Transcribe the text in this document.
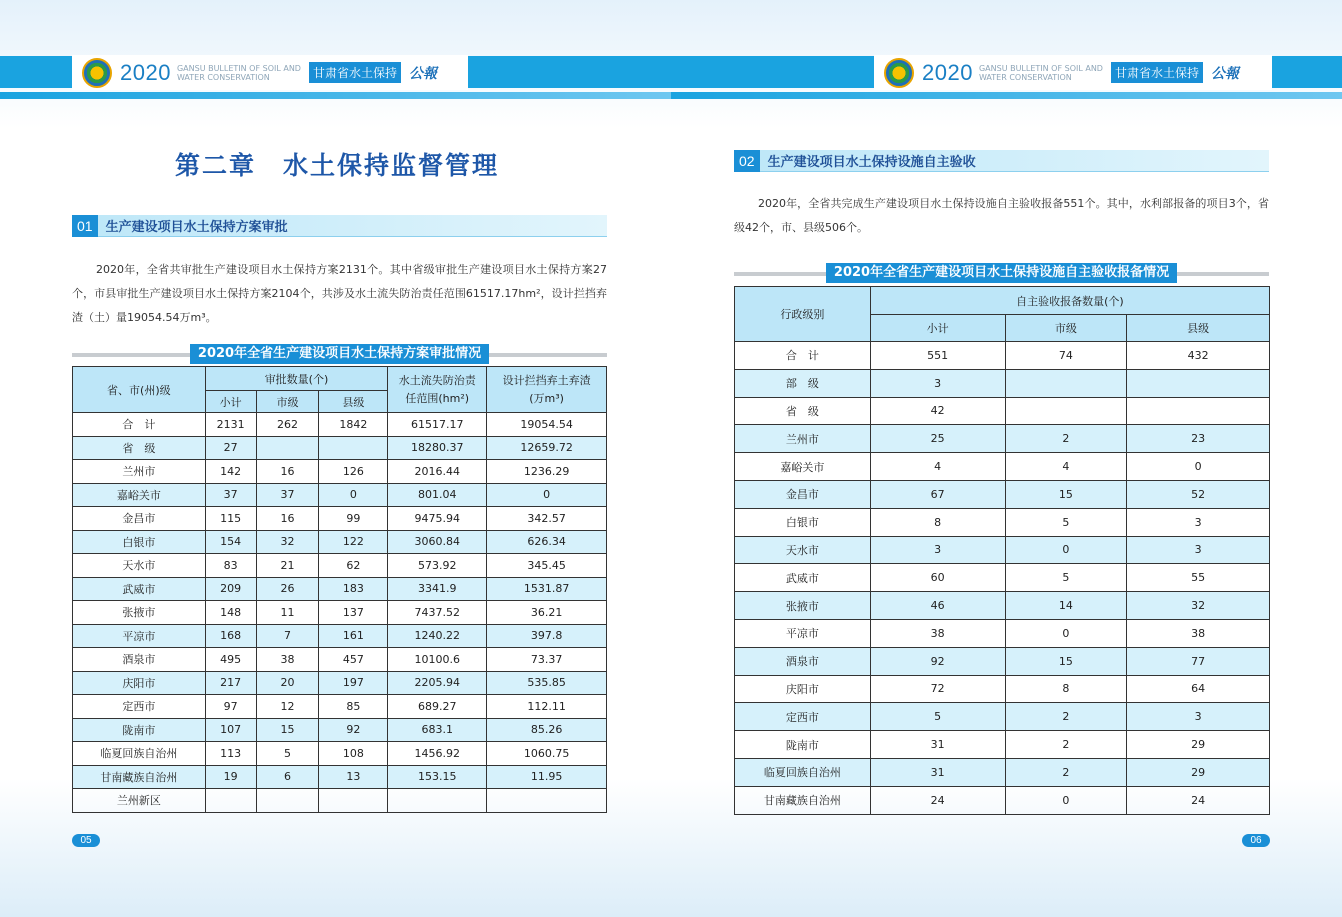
2020 GANSU BULLETIN OF SOIL AND WATER CONSERVATION	甘肃省水土保持 公報
第二章　水土保持监督管理
01	生产建设项目水土保持方案审批
2020年，全省共审批生产建设项目水土保持方案2131个。其中省级审批生产建设项目水土保持方案27个，市县审批生产建设项目水土保持方案2104个，共涉及水土流失防治责任范围61517.17hm²，设计拦挡弃渣（土）量19054.54万m³。
2020年全省生产建设项目水土保持方案审批情况
省、市(州)级	审批数量(个)			水土流失防治责任范围(hm²)	设计拦挡弃土弃渣(万m³)
	小计	市级	县级		
合　计	2131	262	1842	61517.17	19054.54
省　级	27			18280.37	12659.72
兰州市	142	16	126	2016.44	1236.29
嘉峪关市	37	37	0	801.04	0
金昌市	115	16	99	9475.94	342.57
白银市	154	32	122	3060.84	626.34
天水市	83	21	62	573.92	345.45
武威市	209	26	183	3341.9	1531.87
张掖市	148	11	137	7437.52	36.21
平凉市	168	7	161	1240.22	397.8
酒泉市	495	38	457	10100.6	73.37
庆阳市	217	20	197	2205.94	535.85
定西市	97	12	85	689.27	112.11
陇南市	107	15	92	683.1	85.26
临夏回族自治州	113	5	108	1456.92	1060.75
甘南藏族自治州	19	6	13	153.15	11.95
兰州新区					
05
2020 GANSU BULLETIN OF SOIL AND WATER CONSERVATION	甘肃省水土保持 公報
02	生产建设项目水土保持设施自主验收
2020年，全省共完成生产建设项目水土保持设施自主验收报备551个。其中，水利部报备的项目3个，省级42个，市、县级506个。
2020年全省生产建设项目水土保持设施自主验收报备情况
行政级别	自主验收报备数量(个)		
	小计	市级	县级
合　计	551	74	432
部　级	3		
省　级	42		
兰州市	25	2	23
嘉峪关市	4	4	0
金昌市	67	15	52
白银市	8	5	3
天水市	3	0	3
武威市	60	5	55
张掖市	46	14	32
平凉市	38	0	38
酒泉市	92	15	77
庆阳市	72	8	64
定西市	5	2	3
陇南市	31	2	29
临夏回族自治州	31	2	29
甘南藏族自治州	24	0	24
06
